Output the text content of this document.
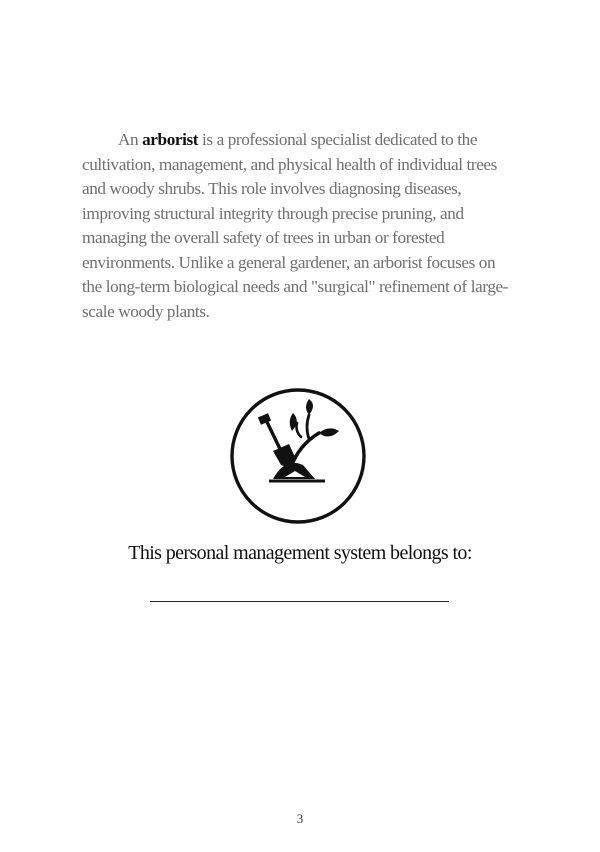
An arborist is a professional specialist dedicated to the cultivation, management, and physical health of individual trees and woody shrubs. This role involves diagnosing diseases, improving structural integrity through precise pruning, and managing the overall safety of trees in urban or forested environments. Unlike a general gardener, an arborist focuses on the long-term biological needs and "surgical" refinement of large-scale woody plants.

This personal management system belongs to:
3
